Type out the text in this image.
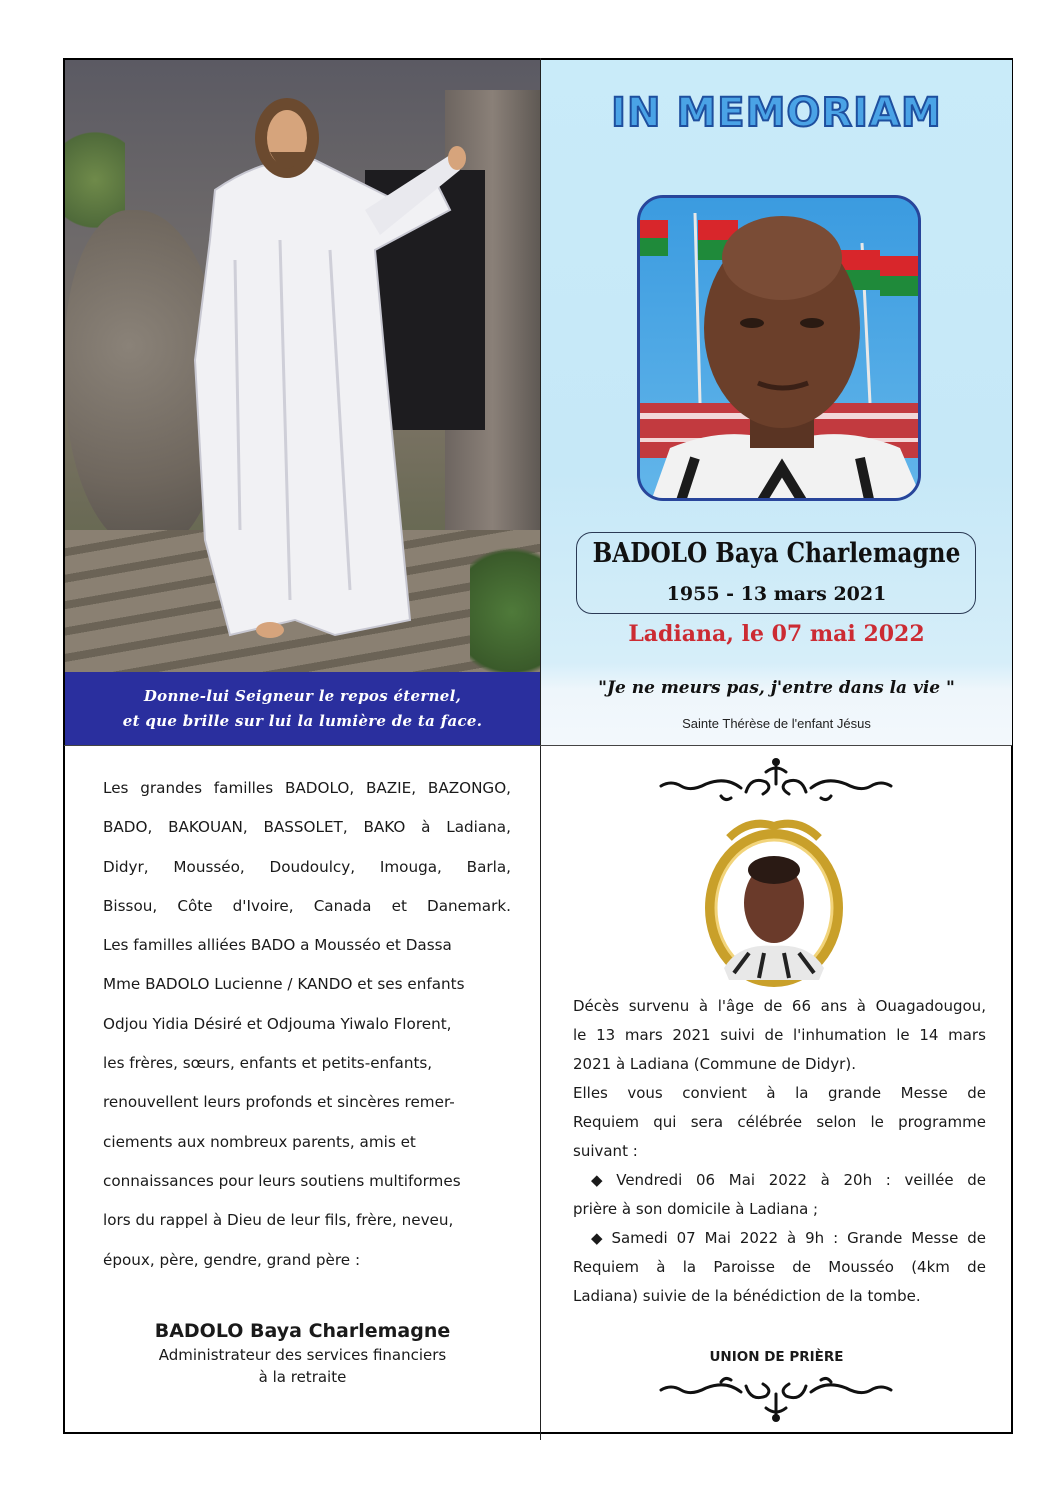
Donne-lui Seigneur le repos éternel,
et que brille sur lui la lumière de ta face.
IN MEMORIAM
BADOLO Baya Charlemagne
1955 - 13 mars 2021
Ladiana, le 07 mai 2022
"Je ne meurs pas, j'entre dans la vie "
Sainte Thérèse de l'enfant Jésus
Les grandes familles BADOLO, BAZIE, BAZONGO,
BADO, BAKOUAN, BASSOLET, BAKO à Ladiana,
Didyr, Mousséo, Doudoulcy, Imouga, Barla,
Bissou, Côte d'Ivoire, Canada et Danemark.
Les familles alliées BADO a Mousséo et Dassa
Mme BADOLO Lucienne / KANDO et ses enfants
Odjou Yidia Désiré et Odjouma Yiwalo Florent,
les frères, sœurs, enfants et petits-enfants,
renouvellent leurs profonds et sincères remer-
ciements aux nombreux parents, amis et
connaissances pour leurs soutiens multiformes
lors du rappel à Dieu de leur fils, frère, neveu,
époux, père, gendre, grand père :
BADOLO Baya Charlemagne
Administrateur des services financiers
à la retraite
Décès survenu à l'âge de 66 ans à Ouagadougou,
le 13 mars 2021 suivi de l'inhumation le 14 mars
2021 à Ladiana (Commune de Didyr).
Elles vous convient à la grande Messe de
Requiem qui sera célébrée selon le programme
suivant :
◆ Vendredi 06 Mai 2022 à 20h : veillée de
prière à son domicile à Ladiana ;
◆ Samedi 07 Mai 2022 à 9h : Grande Messe de
Requiem à la Paroisse de Mousséo (4km de
Ladiana) suivie de la bénédiction de la tombe.
UNION DE PRIÈRE
